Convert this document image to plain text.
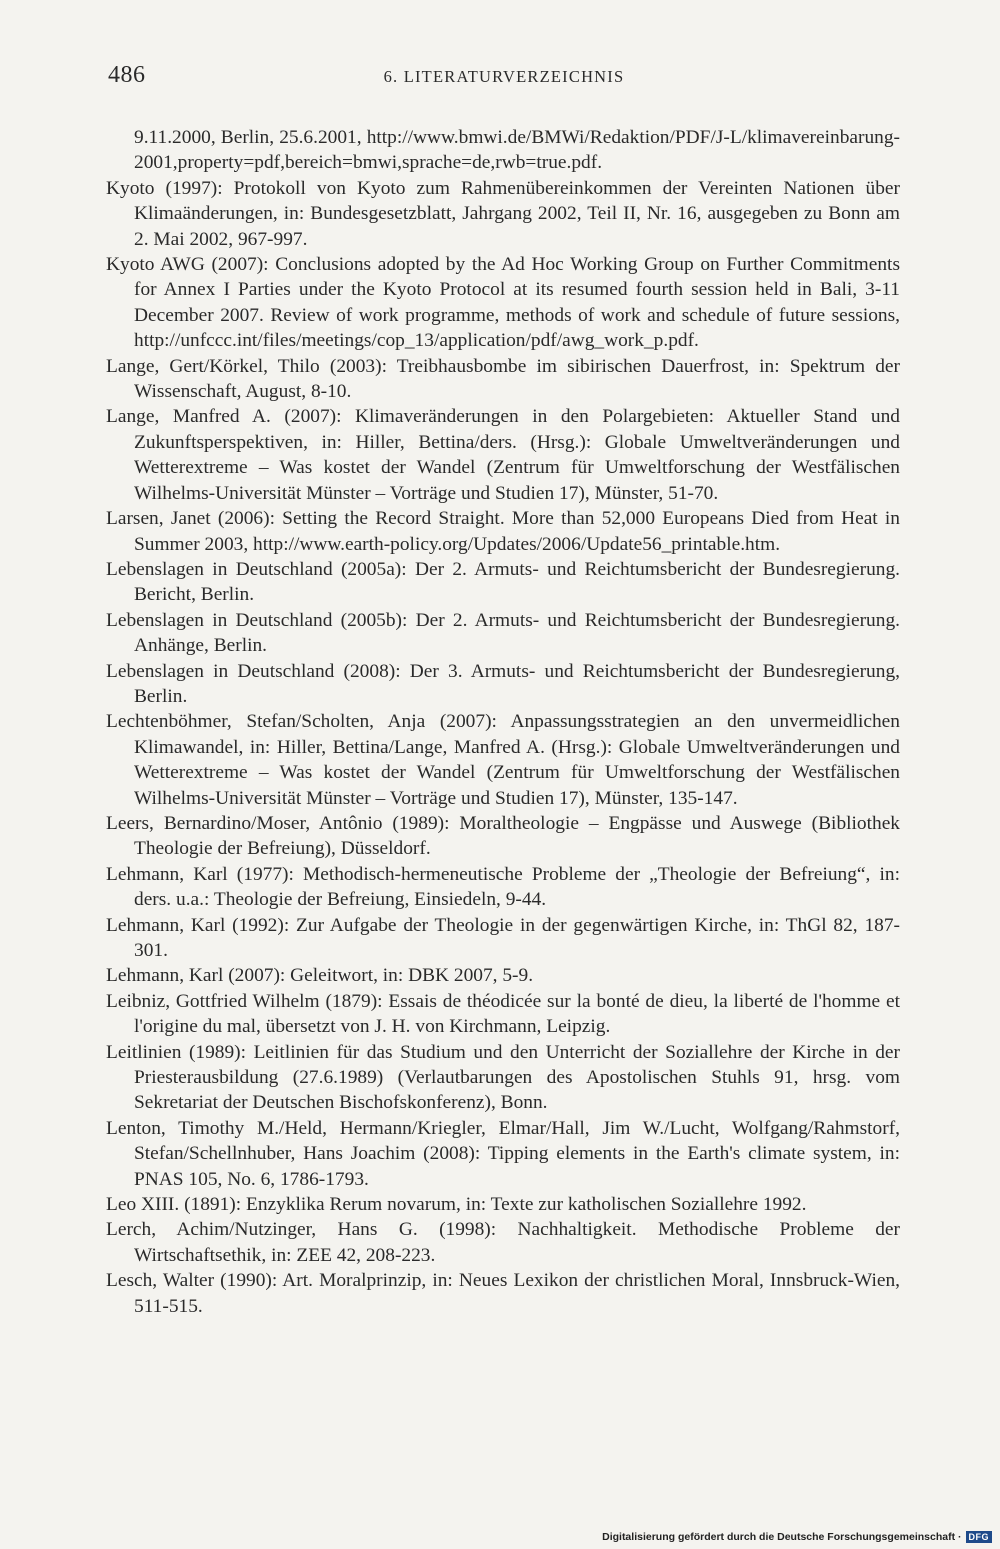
486	6. LITERATURVERZEICHNIS

9.11.2000, Berlin, 25.6.2001, http://www.bmwi.de/BMWi/Redaktion/PDF/J-L/klimavereinbarung-2001,property=pdf,bereich=bmwi,sprache=de,rwb=true.pdf.

Kyoto (1997): Protokoll von Kyoto zum Rahmenübereinkommen der Vereinten Nationen über Klimaänderungen, in: Bundesgesetzblatt, Jahrgang 2002, Teil II, Nr. 16, ausgegeben zu Bonn am 2. Mai 2002, 967-997.

Kyoto AWG (2007): Conclusions adopted by the Ad Hoc Working Group on Further Commitments for Annex I Parties under the Kyoto Protocol at its resumed fourth session held in Bali, 3-11 December 2007. Review of work programme, methods of work and schedule of future sessions, http://unfccc.int/files/meetings/cop_13/application/pdf/awg_work_p.pdf.

Lange, Gert/Körkel, Thilo (2003): Treibhausbombe im sibirischen Dauerfrost, in: Spektrum der Wissenschaft, August, 8-10.

Lange, Manfred A. (2007): Klimaveränderungen in den Polargebieten: Aktueller Stand und Zukunftsperspektiven, in: Hiller, Bettina/ders. (Hrsg.): Globale Umweltveränderungen und Wetterextreme – Was kostet der Wandel (Zentrum für Umweltforschung der Westfälischen Wilhelms-Universität Münster – Vorträge und Studien 17), Münster, 51-70.

Larsen, Janet (2006): Setting the Record Straight. More than 52,000 Europeans Died from Heat in Summer 2003, http://www.earth-policy.org/Updates/2006/Update56_printable.htm.

Lebenslagen in Deutschland (2005a): Der 2. Armuts- und Reichtumsbericht der Bundesregierung. Bericht, Berlin.

Lebenslagen in Deutschland (2005b): Der 2. Armuts- und Reichtumsbericht der Bundesregierung. Anhänge, Berlin.

Lebenslagen in Deutschland (2008): Der 3. Armuts- und Reichtumsbericht der Bundesregierung, Berlin.

Lechtenböhmer, Stefan/Scholten, Anja (2007): Anpassungsstrategien an den unvermeidlichen Klimawandel, in: Hiller, Bettina/Lange, Manfred A. (Hrsg.): Globale Umweltveränderungen und Wetterextreme – Was kostet der Wandel (Zentrum für Umweltforschung der Westfälischen Wilhelms-Universität Münster – Vorträge und Studien 17), Münster, 135-147.

Leers, Bernardino/Moser, Antônio (1989): Moraltheologie – Engpässe und Auswege (Bibliothek Theologie der Befreiung), Düsseldorf.

Lehmann, Karl (1977): Methodisch-hermeneutische Probleme der „Theologie der Befreiung“, in: ders. u.a.: Theologie der Befreiung, Einsiedeln, 9-44.

Lehmann, Karl (1992): Zur Aufgabe der Theologie in der gegenwärtigen Kirche, in: ThGl 82, 187-301.

Lehmann, Karl (2007): Geleitwort, in: DBK 2007, 5-9.

Leibniz, Gottfried Wilhelm (1879): Essais de théodicée sur la bonté de dieu, la liberté de l'homme et l'origine du mal, übersetzt von J. H. von Kirchmann, Leipzig.

Leitlinien (1989): Leitlinien für das Studium und den Unterricht der Soziallehre der Kirche in der Priesterausbildung (27.6.1989) (Verlautbarungen des Apostolischen Stuhls 91, hrsg. vom Sekretariat der Deutschen Bischofskonferenz), Bonn.

Lenton, Timothy M./Held, Hermann/Kriegler, Elmar/Hall, Jim W./Lucht, Wolfgang/Rahmstorf, Stefan/Schellnhuber, Hans Joachim (2008): Tipping elements in the Earth's climate system, in: PNAS 105, No. 6, 1786-1793.

Leo XIII. (1891): Enzyklika Rerum novarum, in: Texte zur katholischen Soziallehre 1992.

Lerch, Achim/Nutzinger, Hans G. (1998): Nachhaltigkeit. Methodische Probleme der Wirtschaftsethik, in: ZEE 42, 208-223.

Lesch, Walter (1990): Art. Moralprinzip, in: Neues Lexikon der christlichen Moral, Innsbruck-Wien, 511-515.

Digitalisierung gefördert durch die Deutsche Forschungsgemeinschaft · DFG
